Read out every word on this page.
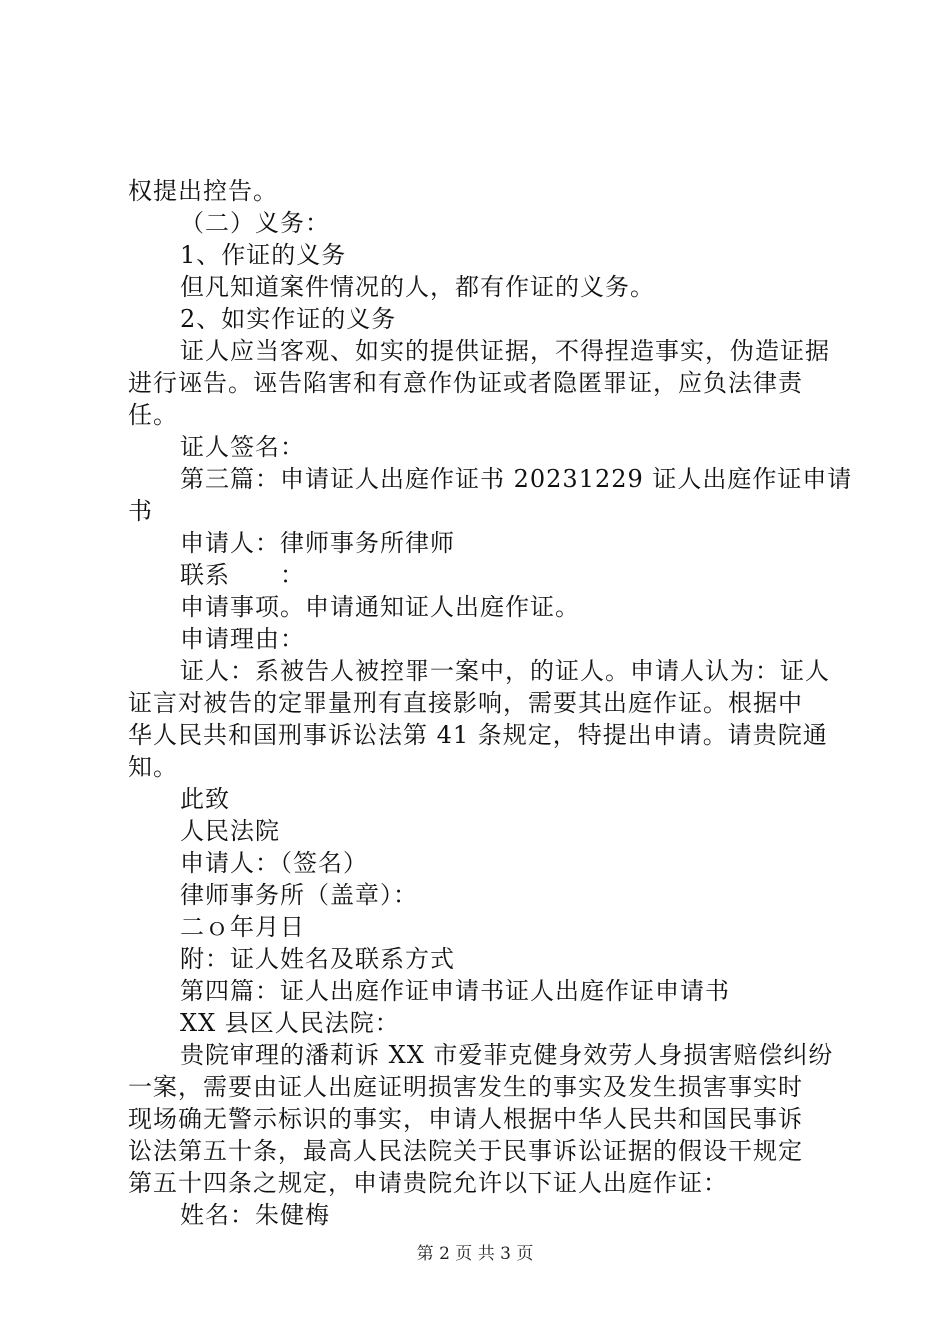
权提出控告。
（二）义务：
1、作证的义务
但凡知道案件情况的人，都有作证的义务。
2、如实作证的义务
证人应当客观、如实的提供证据，不得捏造事实，伪造证据
进行诬告。诬告陷害和有意作伪证或者隐匿罪证，应负法律责
任。
证人签名：
第三篇：申请证人出庭作证书 20231229 证人出庭作证申请
书
申请人：律师事务所律师
联系　　：
申请事项。申请通知证人出庭作证。
申请理由：
证人：系被告人被控罪一案中，的证人。申请人认为：证人
证言对被告的定罪量刑有直接影响，需要其出庭作证。根据中
华人民共和国刑事诉讼法第 41 条规定，特提出申请。请贵院通
知。
此致
人民法院
申请人：（签名）
律师事务所（盖章）：
二ｏ年月日
附：证人姓名及联系方式
第四篇：证人出庭作证申请书证人出庭作证申请书
XX 县区人民法院：
贵院审理的潘莉诉 XX 市爱菲克健身效劳人身损害赔偿纠纷
一案，需要由证人出庭证明损害发生的事实及发生损害事实时
现场确无警示标识的事实，申请人根据中华人民共和国民事诉
讼法第五十条，最高人民法院关于民事诉讼证据的假设干规定
第五十四条之规定，申请贵院允许以下证人出庭作证：
姓名：朱健梅
第 2 页 共 3 页
